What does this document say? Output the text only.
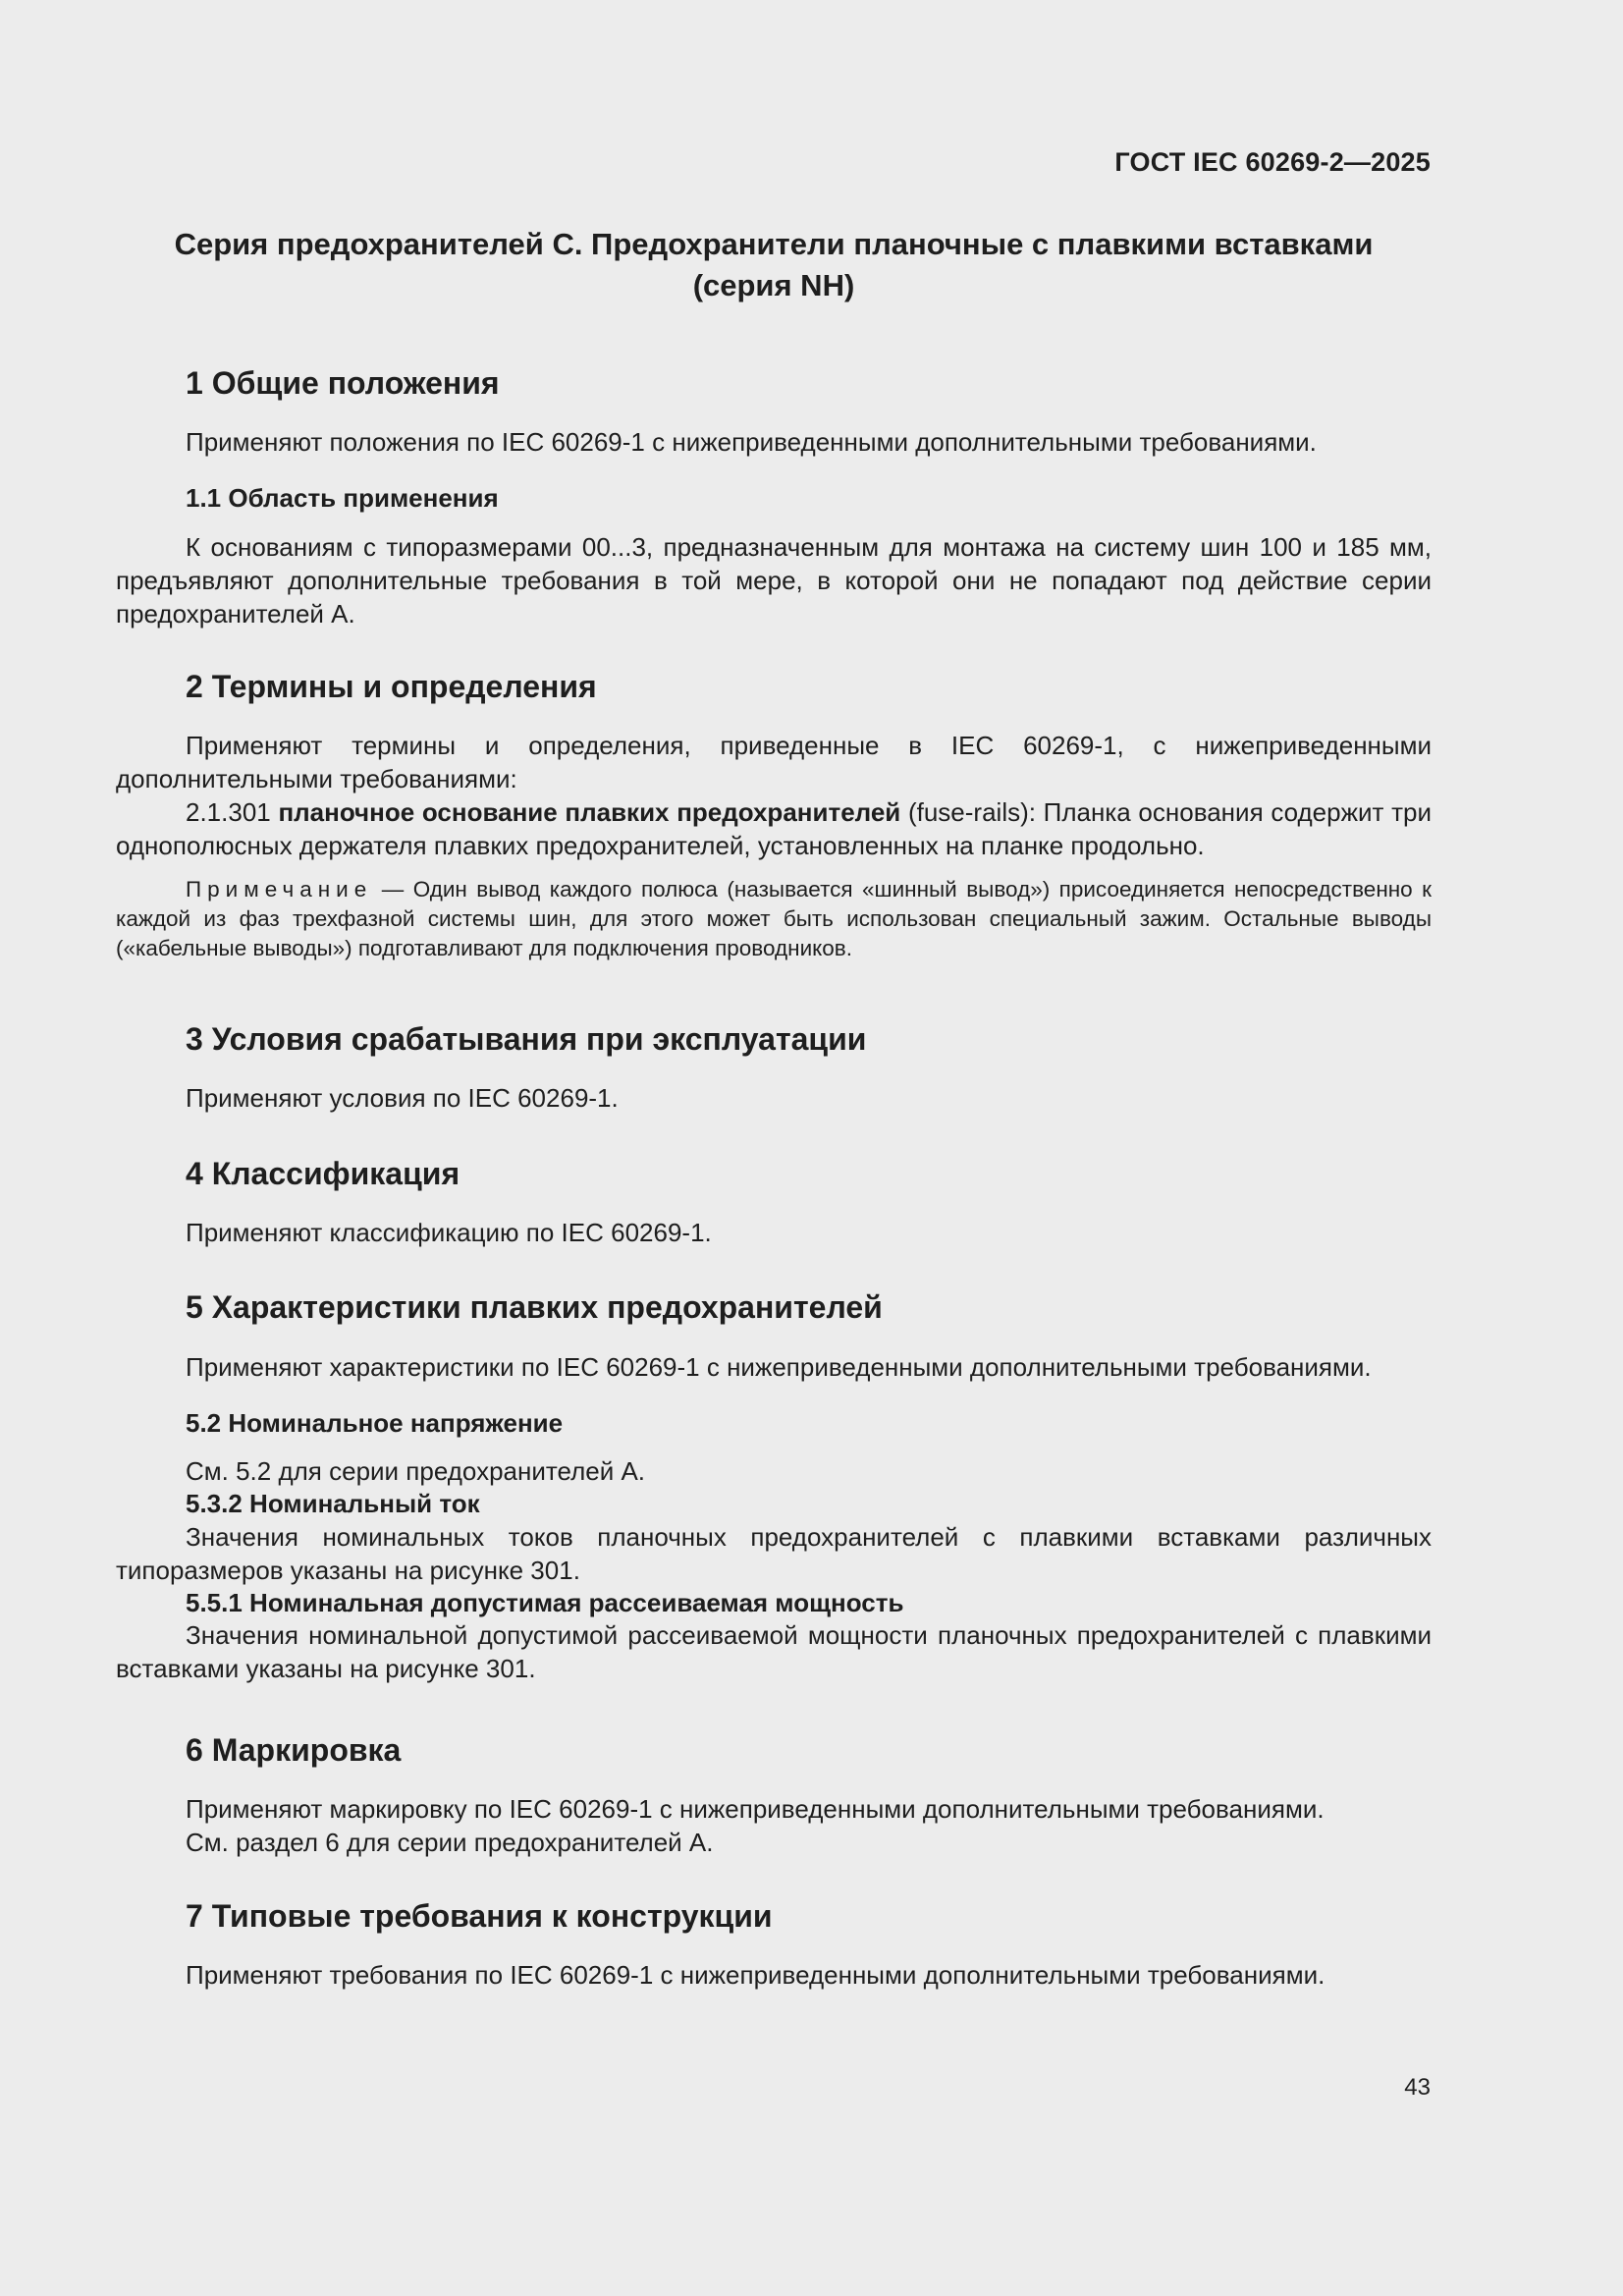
ГОСТ IEC 60269-2—2025
Серия предохранителей С. Предохранители планочные с плавкими вставками
(серия NH)
1 Общие положения
Применяют положения по IEC 60269-1 с нижеприведенными дополнительными требованиями.
1.1 Область применения
К основаниям с типоразмерами 00...3, предназначенным для монтажа на систему шин 100 и 185 мм, предъявляют дополнительные требования в той мере, в которой они не попадают под действие серии предохранителей А.
2 Термины и определения
Применяют термины и определения, приведенные в IEC 60269-1, с нижеприведенными дополнительными требованиями:
2.1.301 планочное основание плавких предохранителей (fuse-rails): Планка основания содержит три однополюсных держателя плавких предохранителей, установленных на планке продольно.
Примечание — Один вывод каждого полюса (называется «шинный вывод») присоединяется непосредственно к каждой из фаз трехфазной системы шин, для этого может быть использован специальный зажим. Остальные выводы («кабельные выводы») подготавливают для подключения проводников.
3 Условия срабатывания при эксплуатации
Применяют условия по IEC 60269-1.
4 Классификация
Применяют классификацию по IEC 60269-1.
5 Характеристики плавких предохранителей
Применяют характеристики по IEC 60269-1 с нижеприведенными дополнительными требованиями.
5.2 Номинальное напряжение
См. 5.2 для серии предохранителей А.
5.3.2 Номинальный ток
Значения номинальных токов планочных предохранителей с плавкими вставками различных типоразмеров указаны на рисунке 301.
5.5.1 Номинальная допустимая рассеиваемая мощность
Значения номинальной допустимой рассеиваемой мощности планочных предохранителей с плавкими вставками указаны на рисунке 301.
6 Маркировка
Применяют маркировку по IEC 60269-1 с нижеприведенными дополнительными требованиями.
См. раздел 6 для серии предохранителей А.
7 Типовые требования к конструкции
Применяют требования по IEC 60269-1 с нижеприведенными дополнительными требованиями.
43
